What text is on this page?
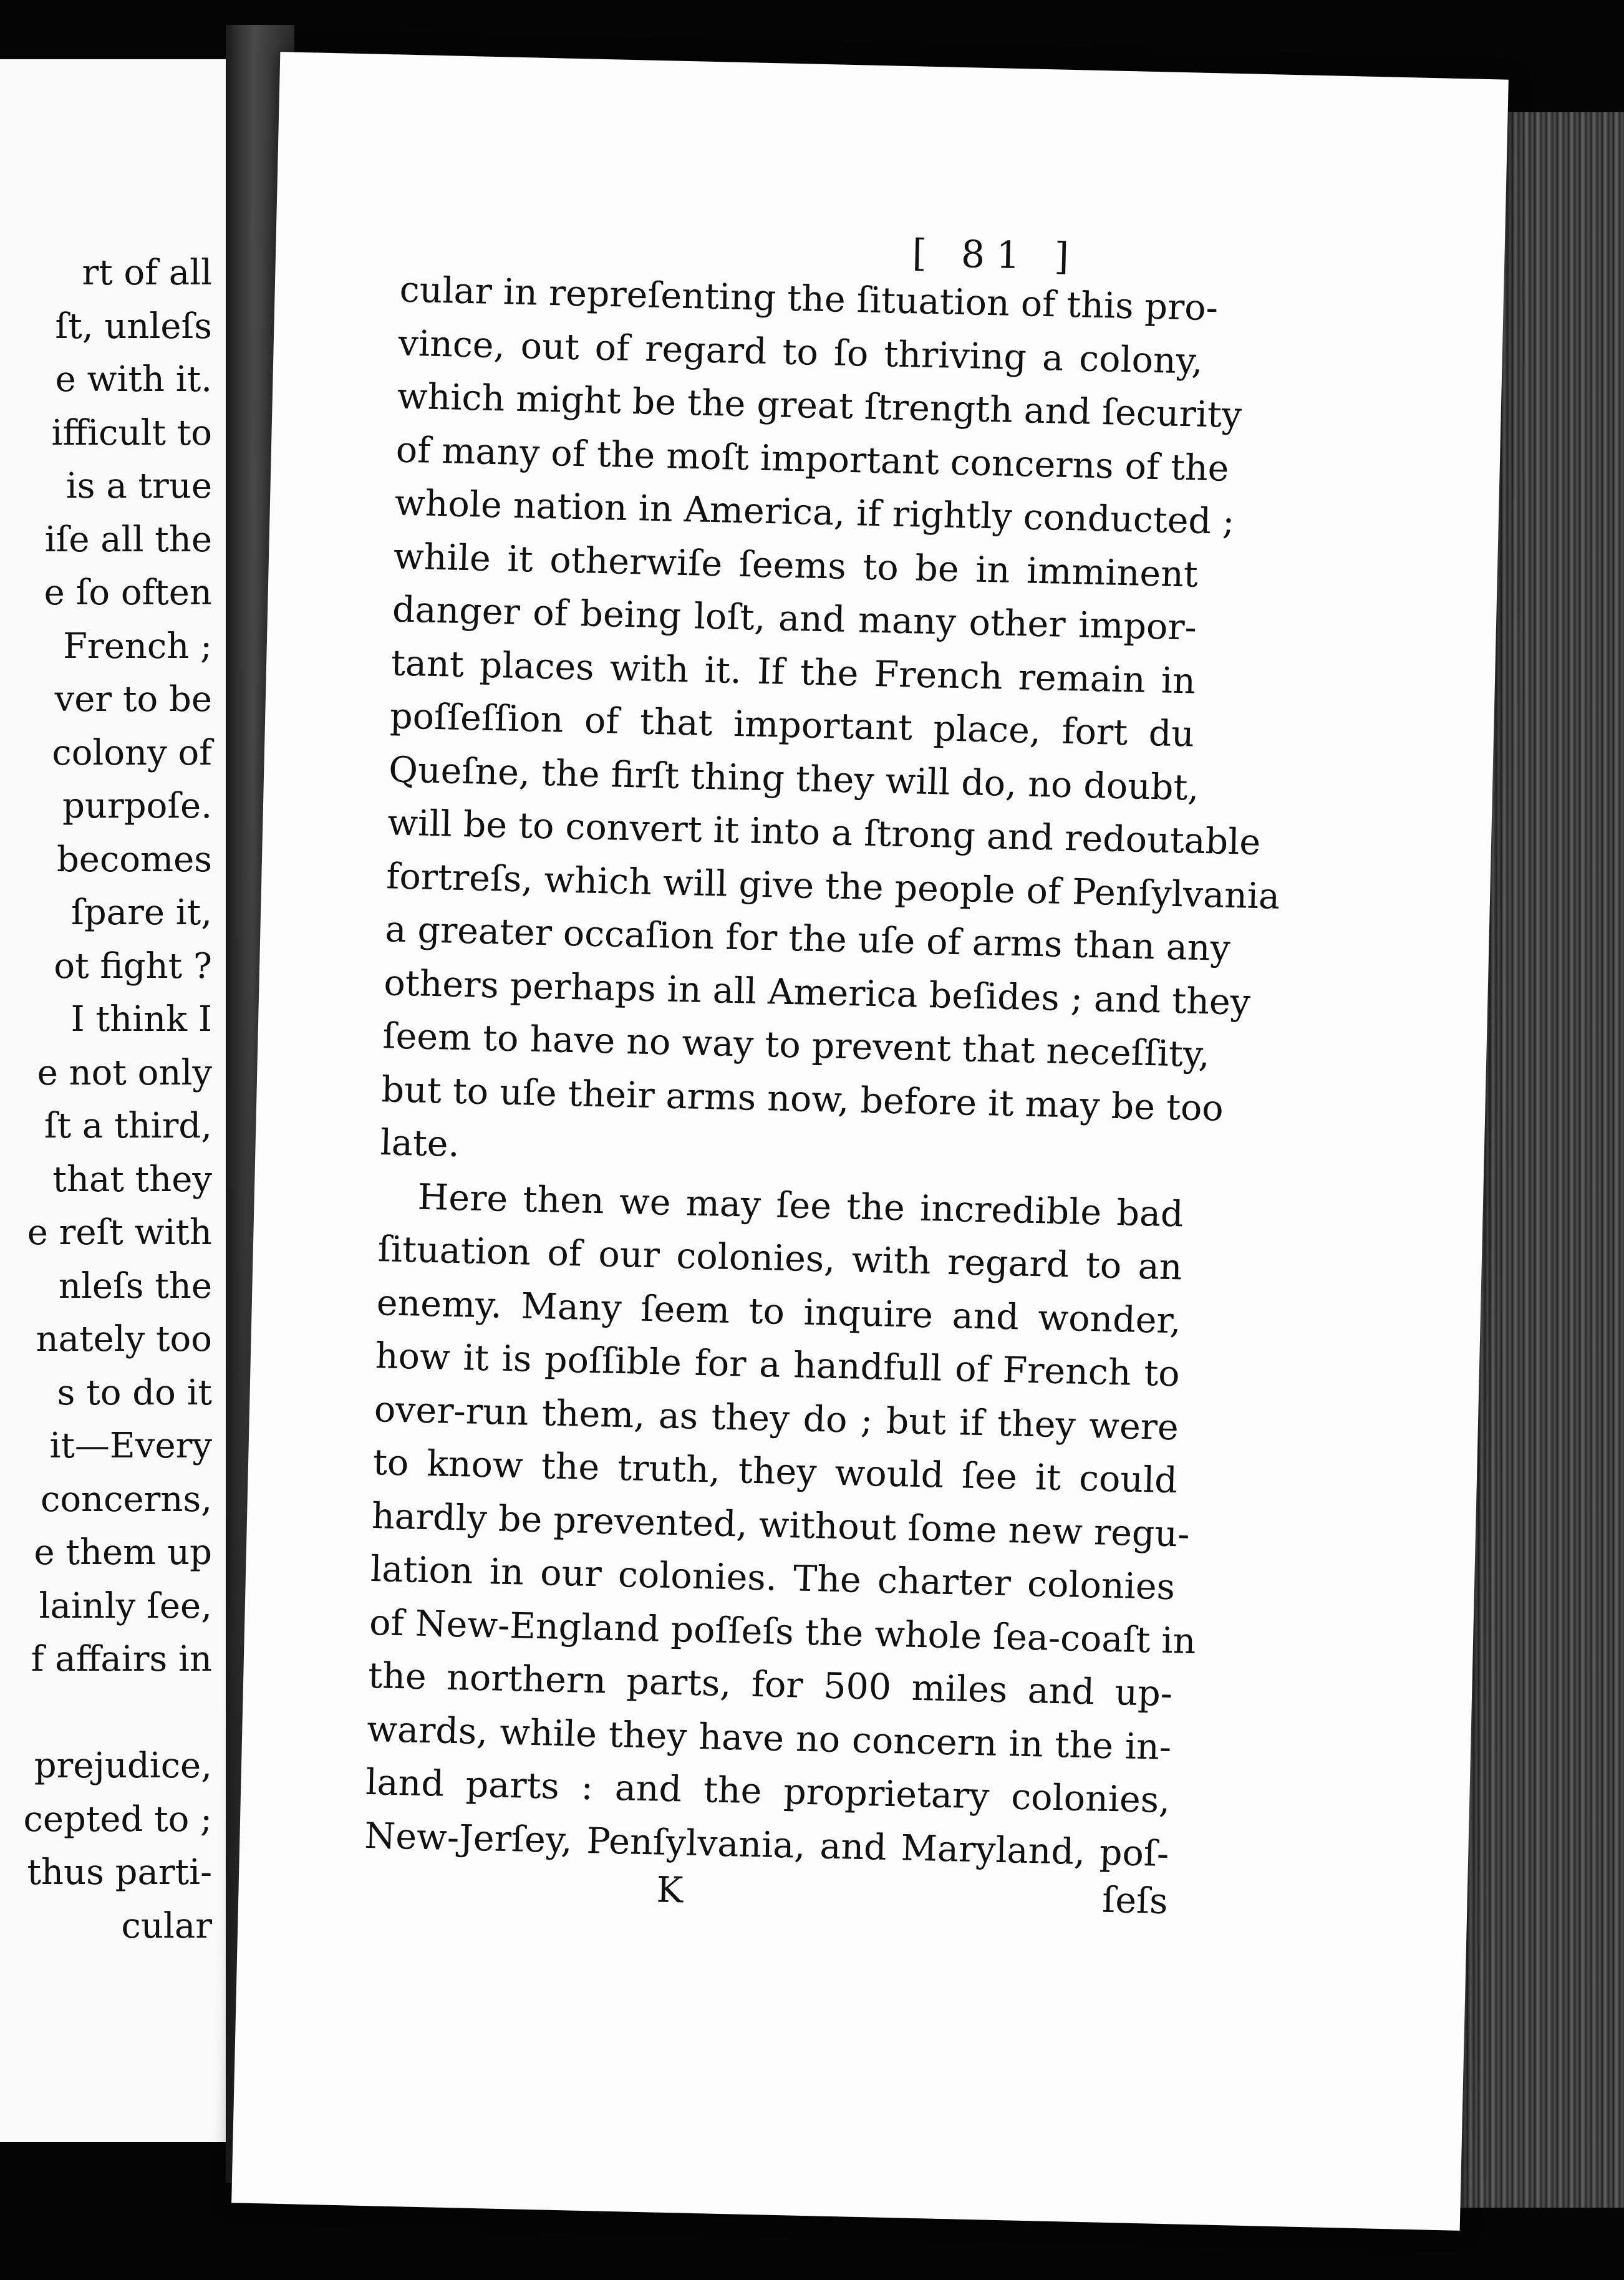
rt of all
ſt, unleſs
e with it.
ifficult to
is a true
iſe all the
e ſo often
French ;
ver to be
colony of
purpoſe.
becomes
ſpare it,
ot fight ?
I think I
e not only
ſt a third,
that they
e reſt with
nleſs the
nately too
s to do it
it—Every
concerns,
e them up
lainly ſee,
f affairs in
prejudice,
cepted to ;
thus parti-
cular
[ 81 ]
cular in repreſenting the ſituation of this pro-
vince, out of regard to ſo thriving a colony,
which might be the great ſtrength and ſecurity
of many of the moſt important concerns of the
whole nation in America, if rightly conducted ;
while it otherwiſe ſeems to be in imminent
danger of being loſt, and many other impor-
tant places with it. If the French remain in
poſſeſſion of that important place, fort du
Queſne, the firſt thing they will do, no doubt,
will be to convert it into a ſtrong and redoutable
fortreſs, which will give the people of Penſylvania
a greater occaſion for the uſe of arms than any
others perhaps in all America beſides ; and they
ſeem to have no way to prevent that neceſſity,
but to uſe their arms now, before it may be too
late.
Here then we may ſee the incredible bad
ſituation of our colonies, with regard to an
enemy. Many ſeem to inquire and wonder,
how it is poſſible for a handfull of French to
over-run them, as they do ; but if they were
to know the truth, they would ſee it could
hardly be prevented, without ſome new regu-
lation in our colonies. The charter colonies
of New-England poſſeſs the whole ſea-coaſt in
the northern parts, for 500 miles and up-
wards, while they have no concern in the in-
land parts : and the proprietary colonies,
New-Jerſey, Penſylvania, and Maryland, poſ-
K	ſeſs
